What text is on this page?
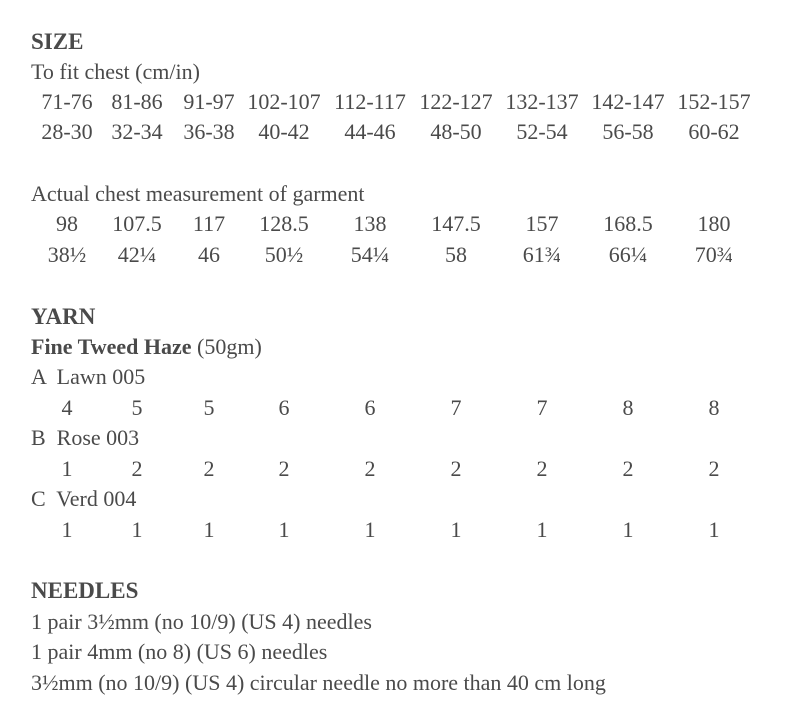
SIZE
To fit chest (cm/in)
71-76 81-86 91-97 102-107 112-117 122-127 132-137 142-147 152-157
28-30 32-34 36-38 40-42 44-46 48-50 52-54 56-58 60-62
Actual chest measurement of garment
98 107.5 117 128.5 138 147.5 157 168.5 180
38½ 42¼ 46 50½ 54¼	58	61¾ 66¼ 70¾
YARN
Fine Tweed Haze (50gm)
A  Lawn 005
4	5	5	6	6	7	7	8	8
B  Rose 003
1	2	2	2	2	2	2	2	2
C  Verd 004
1	1	1	1	1	1	1	1	1
NEEDLES
1 pair 3½mm (no 10/9) (US 4) needles
1 pair 4mm (no 8) (US 6) needles
3½mm (no 10/9) (US 4) circular needle no more than 40 cm long
